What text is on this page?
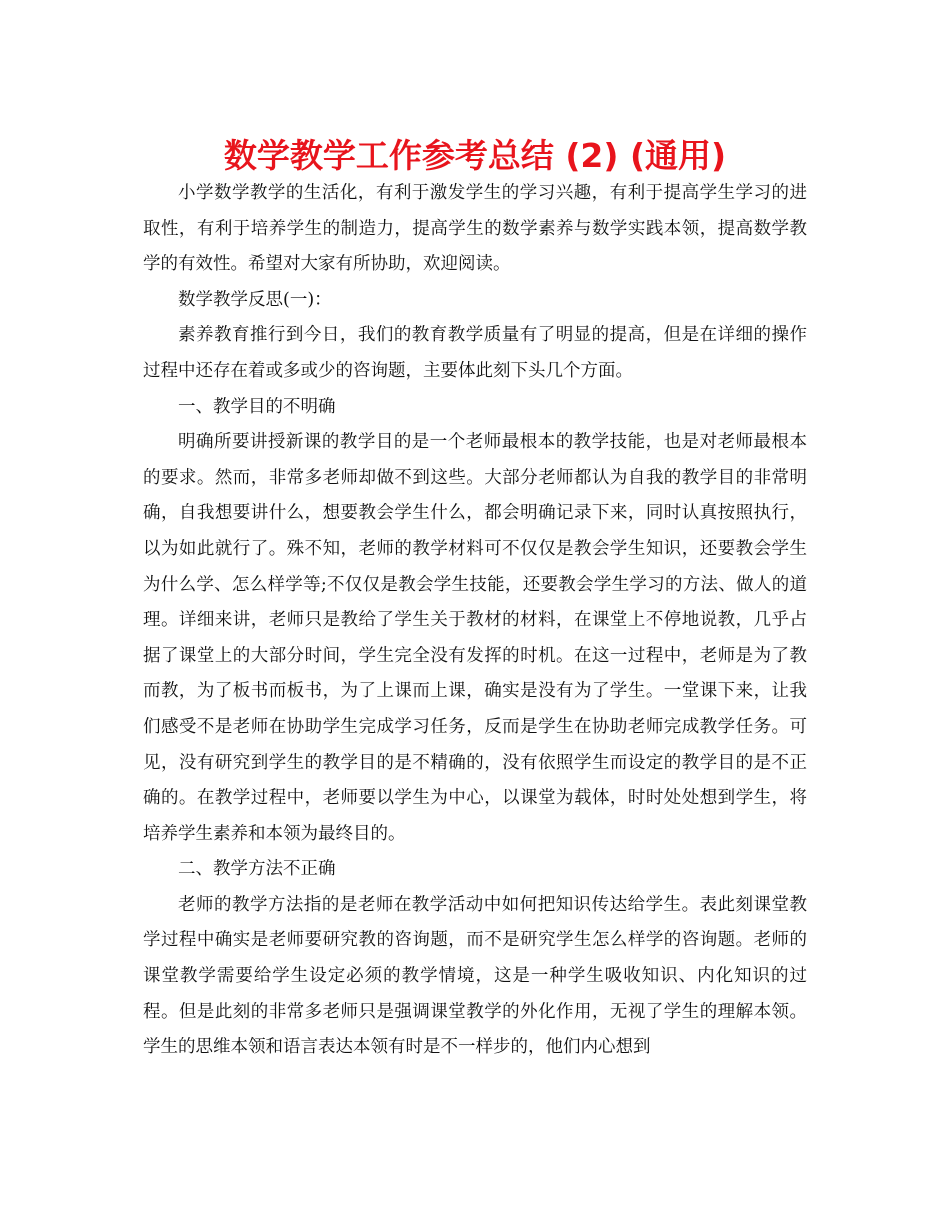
数学教学工作参考总结 (2) (通用)

小学数学教学的生活化，有利于激发学生的学习兴趣，有利于提高学生学习的进取性，有利于培养学生的制造力，提高学生的数学素养与数学实践本领，提高数学教学的有效性。希望对大家有所协助，欢迎阅读。

数学教学反思(一)：

素养教育推行到今日，我们的教育教学质量有了明显的提高，但是在详细的操作过程中还存在着或多或少的咨询题，主要体此刻下头几个方面。

一、教学目的不明确

明确所要讲授新课的教学目的是一个老师最根本的教学技能，也是对老师最根本的要求。然而，非常多老师却做不到这些。大部分老师都认为自我的教学目的非常明确，自我想要讲什么，想要教会学生什么，都会明确记录下来，同时认真按照执行，以为如此就行了。殊不知，老师的教学材料可不仅仅是教会学生知识，还要教会学生为什么学、怎么样学等;不仅仅是教会学生技能，还要教会学生学习的方法、做人的道理。详细来讲，老师只是教给了学生关于教材的材料，在课堂上不停地说教，几乎占据了课堂上的大部分时间，学生完全没有发挥的时机。在这一过程中，老师是为了教而教，为了板书而板书，为了上课而上课，确实是没有为了学生。一堂课下来，让我们感受不是老师在协助学生完成学习任务，反而是学生在协助老师完成教学任务。可见，没有研究到学生的教学目的是不精确的，没有依照学生而设定的教学目的是不正确的。在教学过程中，老师要以学生为中心，以课堂为载体，时时处处想到学生，将培养学生素养和本领为最终目的。

二、教学方法不正确

老师的教学方法指的是老师在教学活动中如何把知识传达给学生。表此刻课堂教学过程中确实是老师要研究教的咨询题，而不是研究学生怎么样学的咨询题。老师的课堂教学需要给学生设定必须的教学情境，这是一种学生吸收知识、内化知识的过程。但是此刻的非常多老师只是强调课堂教学的外化作用，无视了学生的理解本领。学生的思维本领和语言表达本领有时是不一样步的，他们内心想到
